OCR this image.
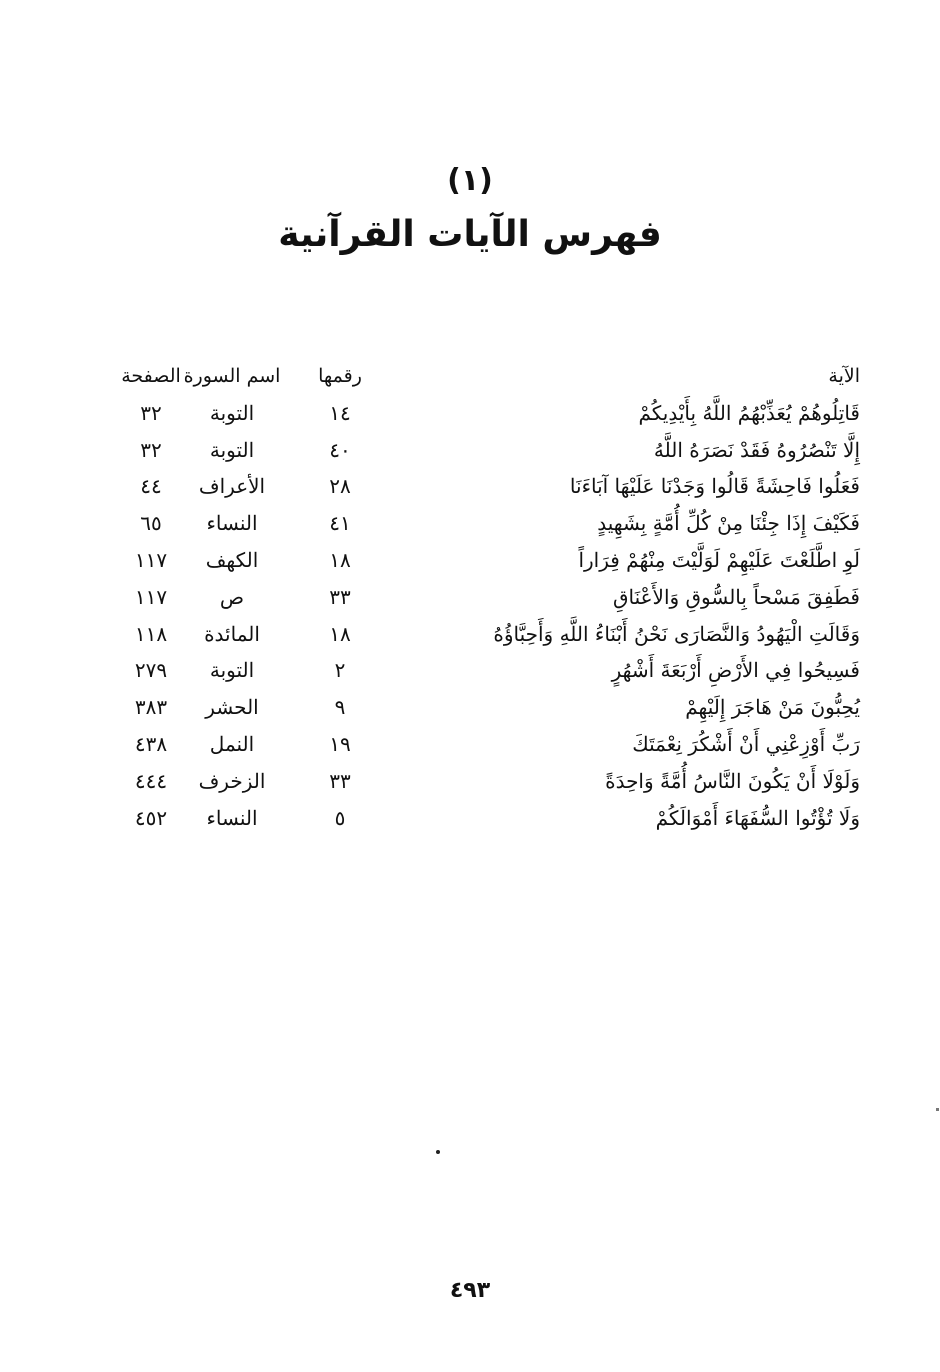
(١)
فهرس الآيات القرآنية
الآية
رقمها
اسم السورة
الصفحة
قَاتِلُوهُمْ يُعَذِّبْهُمُ اللَّهُ بِأَيْدِيكُمْ
١٤
التوبة
٣٢
إِلَّا تَنْصُرُوهُ فَقَدْ نَصَرَهُ اللَّهُ
٤٠
التوبة
٣٢
فَعَلُوا فَاحِشَةً قَالُوا وَجَدْنَا عَلَيْهَا آبَاءَنَا
٢٨
الأعراف
٤٤
فَكَيْفَ إِذَا جِئْنَا مِنْ كُلِّ أُمَّةٍ بِشَهِيدٍ
٤١
النساء
٦٥
لَوِ اطَّلَعْتَ عَلَيْهِمْ لَوَلَّيْتَ مِنْهُمْ فِرَاراً
١٨
الكهف
١١٧
فَطَفِقَ مَسْحاً بِالسُّوقِ وَالأَعْنَاقِ
٣٣
ص
١١٧
وَقَالَتِ الْيَهُودُ وَالنَّصَارَى نَحْنُ أَبْنَاءُ اللَّهِ وَأَحِبَّاؤُهُ
١٨
المائدة
١١٨
فَسِيحُوا فِي الأَرْضِ أَرْبَعَةَ أَشْهُرٍ
٢
التوبة
٢٧٩
يُحِبُّونَ مَنْ هَاجَرَ إِلَيْهِمْ
٩
الحشر
٣٨٣
رَبِّ أَوْزِعْنِي أَنْ أَشْكُرَ نِعْمَتَكَ
١٩
النمل
٤٣٨
وَلَوْلَا أَنْ يَكُونَ النَّاسُ أُمَّةً وَاحِدَةً
٣٣
الزخرف
٤٤٤
وَلَا تُؤْتُوا السُّفَهَاءَ أَمْوَالَكُمْ
٥
النساء
٤٥٢
٤٩٣
